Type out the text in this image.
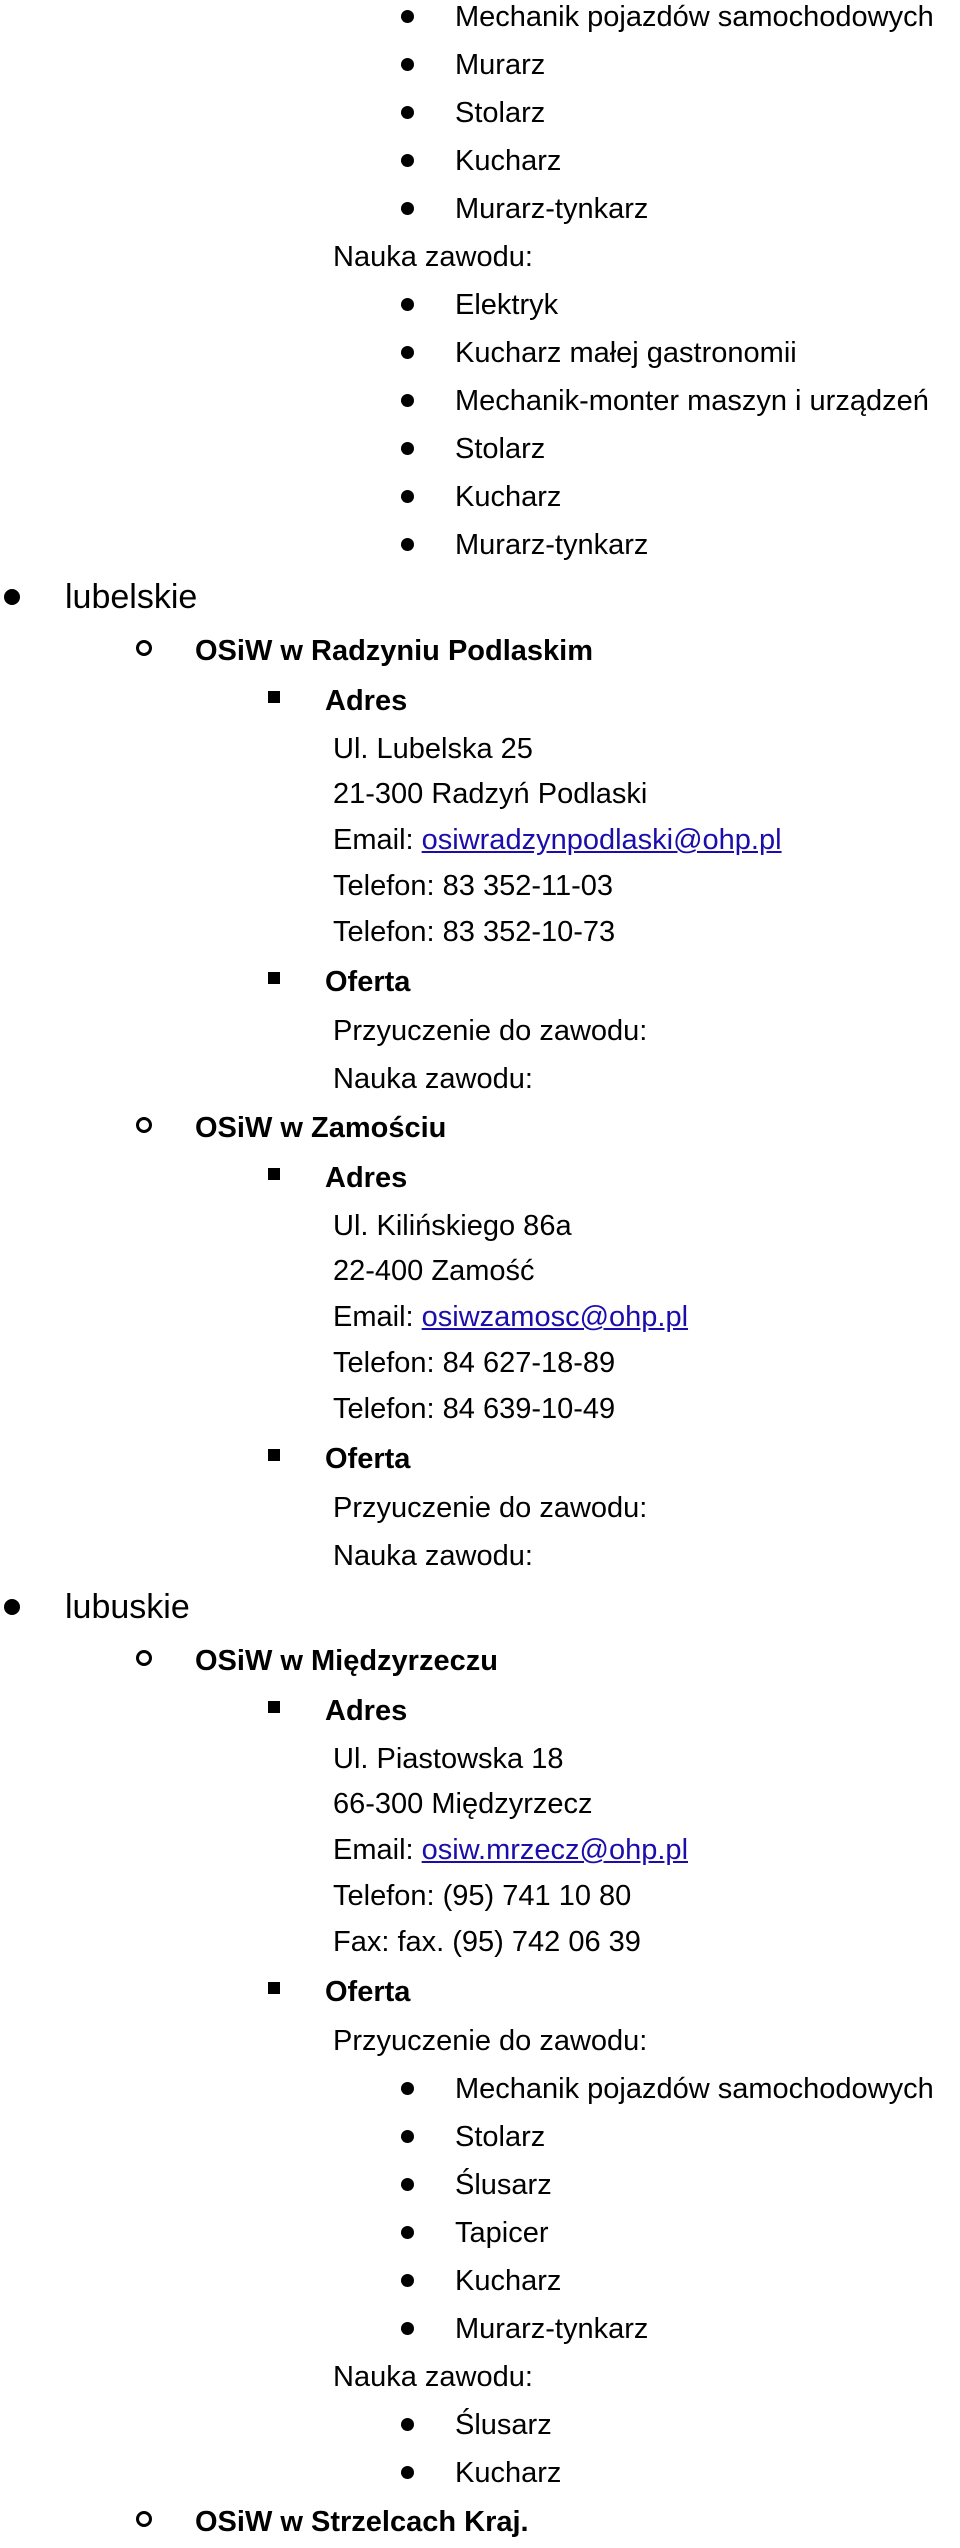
Mechanik pojazdów samochodowych
Murarz
Stolarz
Kucharz
Murarz-tynkarz
Nauka zawodu:
Elektryk
Kucharz małej gastronomii
Mechanik-monter maszyn i urządzeń
Stolarz
Kucharz
Murarz-tynkarz
lubelskie
OSiW w Radzyniu Podlaskim
Adres
Ul. Lubelska 25
21-300 Radzyń Podlaski
Email: osiwradzynpodlaski@ohp.pl
Telefon: 83 352-11-03
Telefon: 83 352-10-73
Oferta
Przyuczenie do zawodu:
Nauka zawodu:
OSiW w Zamościu
Adres
Ul. Kilińskiego 86a
22-400 Zamość
Email: osiwzamosc@ohp.pl
Telefon: 84 627-18-89
Telefon: 84 639-10-49
Oferta
Przyuczenie do zawodu:
Nauka zawodu:
lubuskie
OSiW w Międzyrzeczu
Adres
Ul. Piastowska 18
66-300 Międzyrzecz
Email: osiw.mrzecz@ohp.pl
Telefon: (95) 741 10 80
Fax: fax. (95) 742 06 39
Oferta
Przyuczenie do zawodu:
Mechanik pojazdów samochodowych
Stolarz
Ślusarz
Tapicer
Kucharz
Murarz-tynkarz
Nauka zawodu:
Ślusarz
Kucharz
OSiW w Strzelcach Kraj.
